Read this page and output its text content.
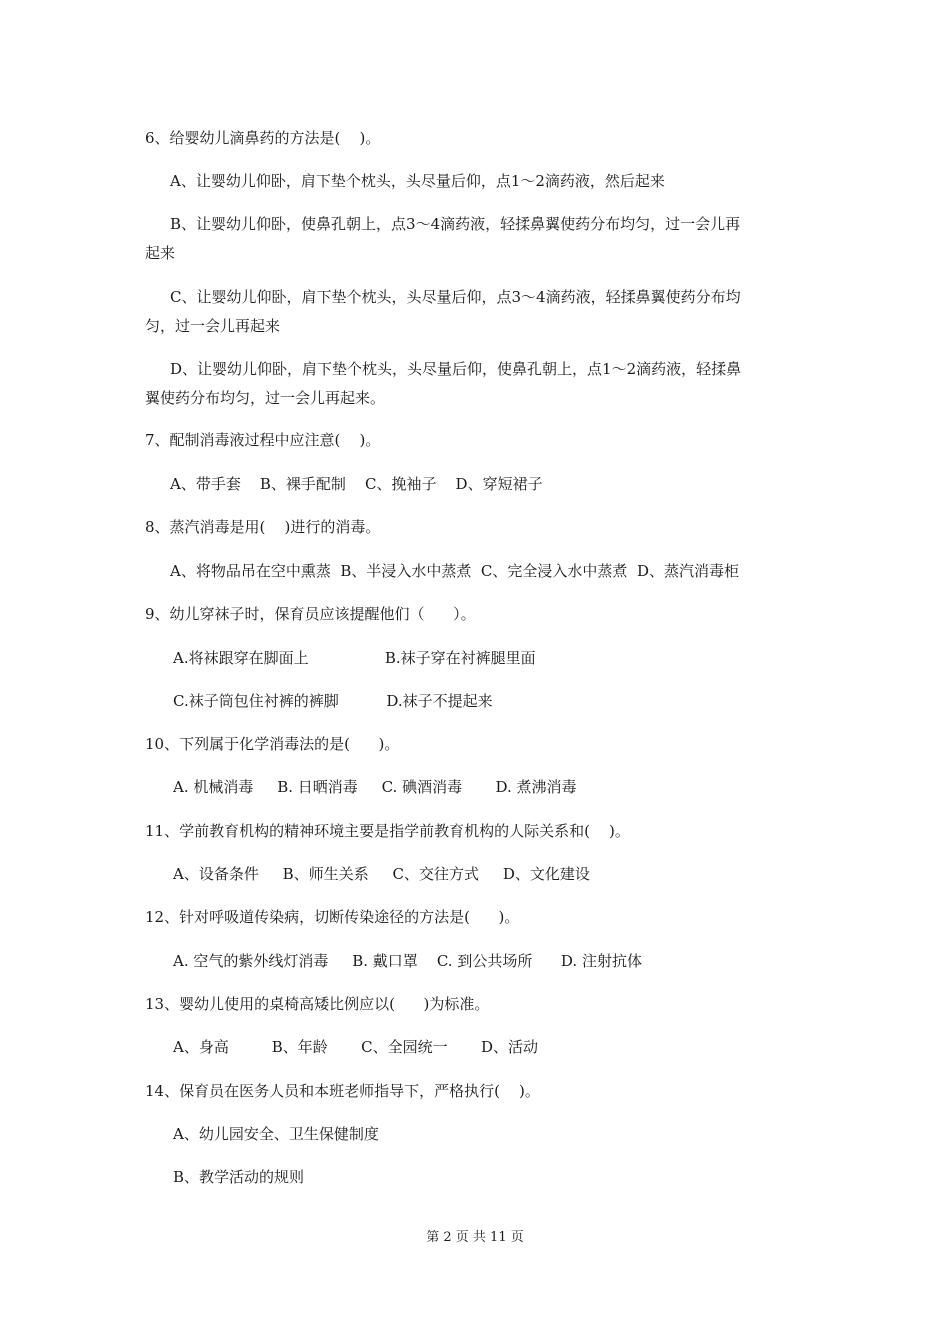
6、给婴幼儿滴鼻药的方法是(    )。
A、让婴幼儿仰卧，肩下垫个枕头，头尽量后仰，点1～2滴药液，然后起来
B、让婴幼儿仰卧，使鼻孔朝上，点3～4滴药液，轻揉鼻翼使药分布均匀，过一会儿再
起来
C、让婴幼儿仰卧，肩下垫个枕头，头尽量后仰，点3～4滴药液，轻揉鼻翼使药分布均
匀，过一会儿再起来
D、让婴幼儿仰卧，肩下垫个枕头，头尽量后仰，使鼻孔朝上，点1～2滴药液，轻揉鼻
翼使药分布均匀，过一会儿再起来。
7、配制消毒液过程中应注意(    )。
A、带手套    B、裸手配制    C、挽袖子    D、穿短裙子
8、蒸汽消毒是用(    )进行的消毒。
A、将物品吊在空中熏蒸  B、半浸入水中蒸煮  C、完全浸入水中蒸煮  D、蒸汽消毒柜
9、幼儿穿袜子时，保育员应该提醒他们（      ）。
A.将袜跟穿在脚面上                B.袜子穿在衬裤腿里面
C.袜子筒包住衬裤的裤脚          D.袜子不提起来
10、下列属于化学消毒法的是(      )。
A. 机械消毒     B. 日晒消毒     C. 碘酒消毒       D. 煮沸消毒
11、学前教育机构的精神环境主要是指学前教育机构的人际关系和(    )。
A、设备条件     B、师生关系     C、交往方式     D、文化建设
12、针对呼吸道传染病，切断传染途径的方法是(      )。
A. 空气的紫外线灯消毒     B. 戴口罩    C. 到公共场所      D. 注射抗体
13、婴幼儿使用的桌椅高矮比例应以(      )为标准。
A、身高         B、年龄       C、全园统一       D、活动
14、保育员在医务人员和本班老师指导下，严格执行(    )。
A、幼儿园安全、卫生保健制度
B、教学活动的规则
第 2 页 共 11 页
